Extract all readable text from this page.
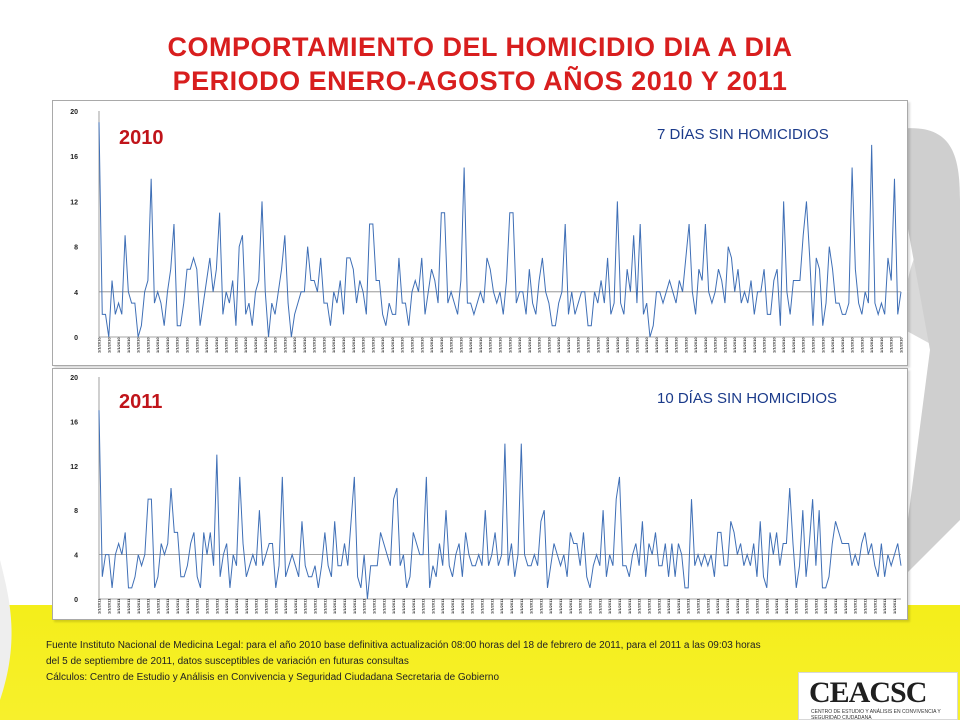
COMPORTAMIENTO DEL HOMICIDIO DIA A DIA
PERIODO ENERO-AGOSTO AÑOS 2010 Y 2011
0
4
8
12
16
20
1/1/2010 1/1/2010 1/1/2010 1/1/2010 1/1/2010 1/1/2010 1/1/2010 1/1/2010 1/1/2010 1/1/2010 1/1/2010 1/1/2010 1/1/2010 1/1/2010 1/1/2010 1/1/2010 1/1/2010 1/1/2010 1/1/2010 1/1/2010 1/1/2010 1/1/2010 1/1/2010 1/1/2010 1/1/2010 1/1/2010 1/1/2010 1/1/2010 1/1/2010 1/1/2010 1/1/2010 1/1/2010 1/1/2010 1/1/2010 1/1/2010 1/1/2010 1/1/2010 1/1/2010 1/1/2010 1/1/2010 1/1/2010 1/1/2010 1/1/2010 1/1/2010 1/1/2010 1/1/2010 1/1/2010 1/1/2010 1/1/2010 1/1/2010 1/1/2010 1/1/2010 1/1/2010 1/1/2010 1/1/2010 1/1/2010 1/1/2010 1/1/2010 1/1/2010 1/1/2010 1/1/2010 1/1/2010 1/1/2010 1/1/2010 1/1/2010 1/1/2010 1/1/2010 1/1/2010 1/1/2010 1/1/2010 1/1/2010 1/1/2010 1/1/2010 1/1/2010 1/1/2010 1/1/2010 1/1/2010 1/1/2010 1/1/2010 1/1/2010 1/1/2010 1/1/2010 1/1/2010
2010	7 DÍAS SIN HOMICIDIOS
0
4
8
12
16
20
1/1/2011 1/1/2011 1/1/2011 1/1/2011 1/1/2011 1/1/2011 1/1/2011 1/1/2011 1/1/2011 1/1/2011 1/1/2011 1/1/2011 1/1/2011 1/1/2011 1/1/2011 1/1/2011 1/1/2011 1/1/2011 1/1/2011 1/1/2011 1/1/2011 1/1/2011 1/1/2011 1/1/2011 1/1/2011 1/1/2011 1/1/2011 1/1/2011 1/1/2011 1/1/2011 1/1/2011 1/1/2011 1/1/2011 1/1/2011 1/1/2011 1/1/2011 1/1/2011 1/1/2011 1/1/2011 1/1/2011 1/1/2011 1/1/2011 1/1/2011 1/1/2011 1/1/2011 1/1/2011 1/1/2011 1/1/2011 1/1/2011 1/1/2011 1/1/2011 1/1/2011 1/1/2011 1/1/2011 1/1/2011 1/1/2011 1/1/2011 1/1/2011 1/1/2011 1/1/2011 1/1/2011 1/1/2011 1/1/2011 1/1/2011 1/1/2011 1/1/2011 1/1/2011 1/1/2011 1/1/2011 1/1/2011 1/1/2011 1/1/2011 1/1/2011 1/1/2011 1/1/2011 1/1/2011 1/1/2011 1/1/2011 1/1/2011 1/1/2011 1/1/2011 1/1/2011
2011	10 DÍAS SIN HOMICIDIOS
Fuente Instituto Nacional de Medicina Legal: para el año 2010 base definitiva actualización 08:00 horas del 18 de febrero de 2011, para el 2011 a las 09:03 horas
del 5 de septiembre de 2011, datos susceptibles de variación en futuras consultas
Cálculos: Centro de Estudio y Análisis en Convivencia y Seguridad Ciudadana Secretaria de Gobierno	CEACSC
CENTRO DE ESTUDIO Y ANÁLISIS EN CONVIVENCIA Y SEGURIDAD CIUDADANA
